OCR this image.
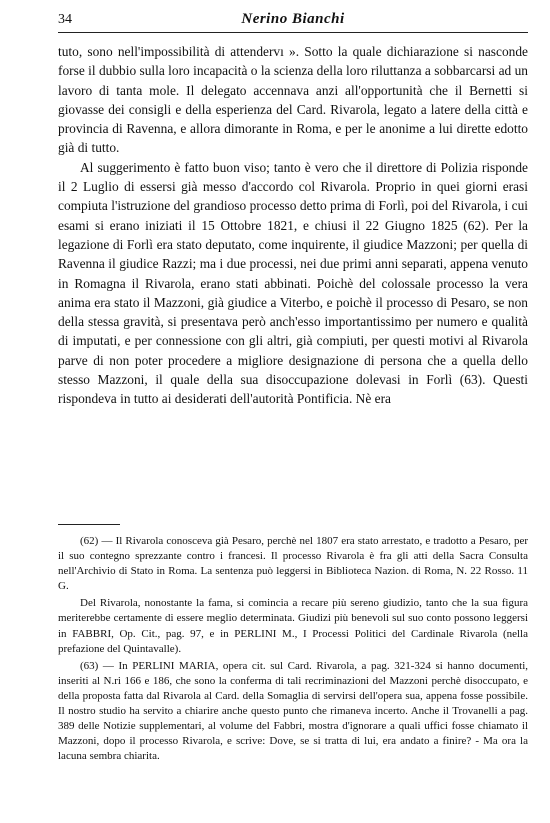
34	Nerino Bianchi

tuto, sono nell'impossibilità di attendervı ». Sotto la quale dichiarazione si nasconde forse il dubbio sulla loro incapacità o la scienza della loro riluttanza a sobbarcarsi ad un lavoro di tanta mole. Il delegato accennava anzi all'opportunità che il Bernetti si giovasse dei consigli e della esperienza del Card. Rivarola, legato a latere della città e provincia di Ravenna, e allora dimorante in Roma, e per le anonime a lui dirette edotto già di tutto.

Al suggerimento è fatto buon viso; tanto è vero che il direttore di Polizia risponde il 2 Luglio di essersi già messo d'accordo col Rivarola. Proprio in quei giorni erasi compiuta l'istruzione del grandioso processo detto prima di Forlì, poi del Rivarola, i cui esami si erano iniziati il 15 Ottobre 1821, e chiusi il 22 Giugno 1825 (62). Per la legazione di Forlì era stato deputato, come inquirente, il giudice Mazzoni; per quella di Ravenna il giudice Razzi; ma i due processi, nei due primi anni separati, appena venuto in Romagna il Rivarola, erano stati abbinati. Poichè del colossale processo la vera anima era stato il Mazzoni, già giudice a Viterbo, e poichè il processo di Pesaro, se non della stessa gravità, si presentava però anch'esso importantissimo per numero e qualità di imputati, e per connessione con gli altri, già compiuti, per questi motivi al Rivarola parve di non poter procedere a migliore designazione di persona che a quella dello stesso Mazzoni, il quale della sua disoccupazione dolevasi in Forlì (63). Questi rispondeva in tutto ai desiderati dell'autorità Pontificia. Nè era

(62) — Il Rivarola conosceva già Pesaro, perchè nel 1807 era stato arrestato, e tradotto a Pesaro, per il suo contegno sprezzante contro i francesi. Il processo Rivarola è fra gli atti della Sacra Consulta nell'Archivio di Stato in Roma. La sentenza può leggersi in Biblioteca Nazion. di Roma, N. 22 Rosso. 11 G.

Del Rivarola, nonostante la fama, si comincia a recare più sereno giudizio, tanto che la sua figura meriterebbe certamente di essere meglio determinata. Giudizi più benevoli sul suo conto possono leggersi in FABBRI, Op. Cit., pag. 97, e in PERLINI M., I Processi Politici del Cardinale Rivarola (nella prefazione del Quintavalle).

(63) — In PERLINI MARIA, opera cit. sul Card. Rivarola, a pag. 321-324 si hanno documenti, inseriti al N.ri 166 e 186, che sono la conferma di tali recriminazioni del Mazzoni perchè disoccupato, e della proposta fatta dal Rivarola al Card. della Somaglia di servirsi dell'opera sua, appena fosse possibile. Il nostro studio ha servito a chiarire anche questo punto che rimaneva incerto. Anche il Trovanelli a pag. 389 delle Notizie supplementari, al volume del Fabbri, mostra d'ignorare a quali uffici fosse chiamato il Mazzoni, dopo il processo Rivarola, e scrive: Dove, se si tratta di lui, era andato a finire? - Ma ora la lacuna sembra chiarita.
